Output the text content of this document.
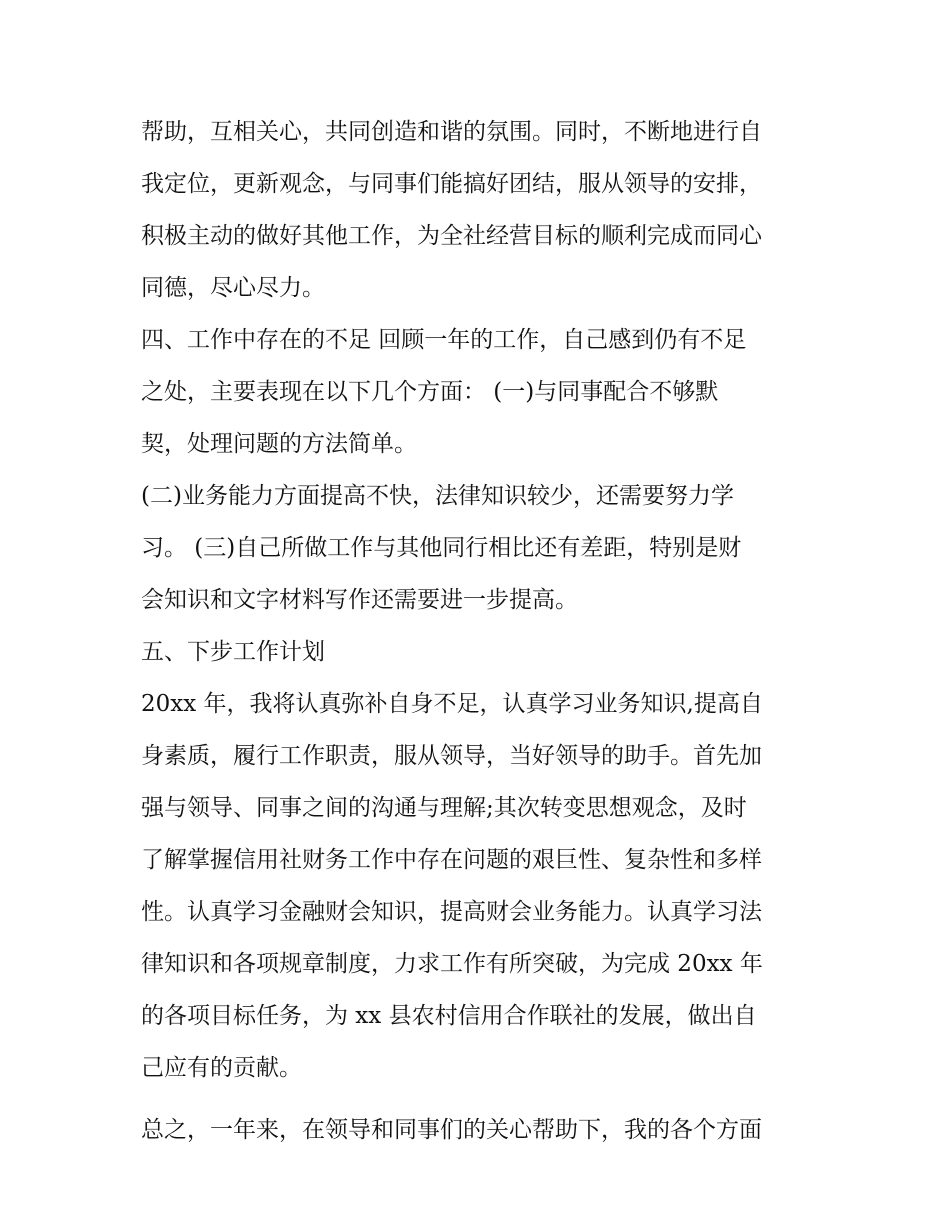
帮助，互相关心，共同创造和谐的氛围。同时，不断地进行自
我定位，更新观念，与同事们能搞好团结，服从领导的安排，
积极主动的做好其他工作，为全社经营目标的顺利完成而同心
同德，尽心尽力。
四、工作中存在的不足 回顾一年的工作，自己感到仍有不足
之处，主要表现在以下几个方面： (一)与同事配合不够默
契，处理问题的方法简单。
(二)业务能力方面提高不快，法律知识较少，还需要努力学
习。 (三)自己所做工作与其他同行相比还有差距，特别是财
会知识和文字材料写作还需要进一步提高。
五、下步工作计划
20xx 年，我将认真弥补自身不足，认真学习业务知识,提高自
身素质，履行工作职责，服从领导，当好领导的助手。首先加
强与领导、同事之间的沟通与理解;其次转变思想观念，及时
了解掌握信用社财务工作中存在问题的艰巨性、复杂性和多样
性。认真学习金融财会知识，提高财会业务能力。认真学习法
律知识和各项规章制度，力求工作有所突破，为完成 20xx 年
的各项目标任务，为 xx 县农村信用合作联社的发展，做出自
己应有的贡献。
总之，一年来，在领导和同事们的关心帮助下，我的各个方面
